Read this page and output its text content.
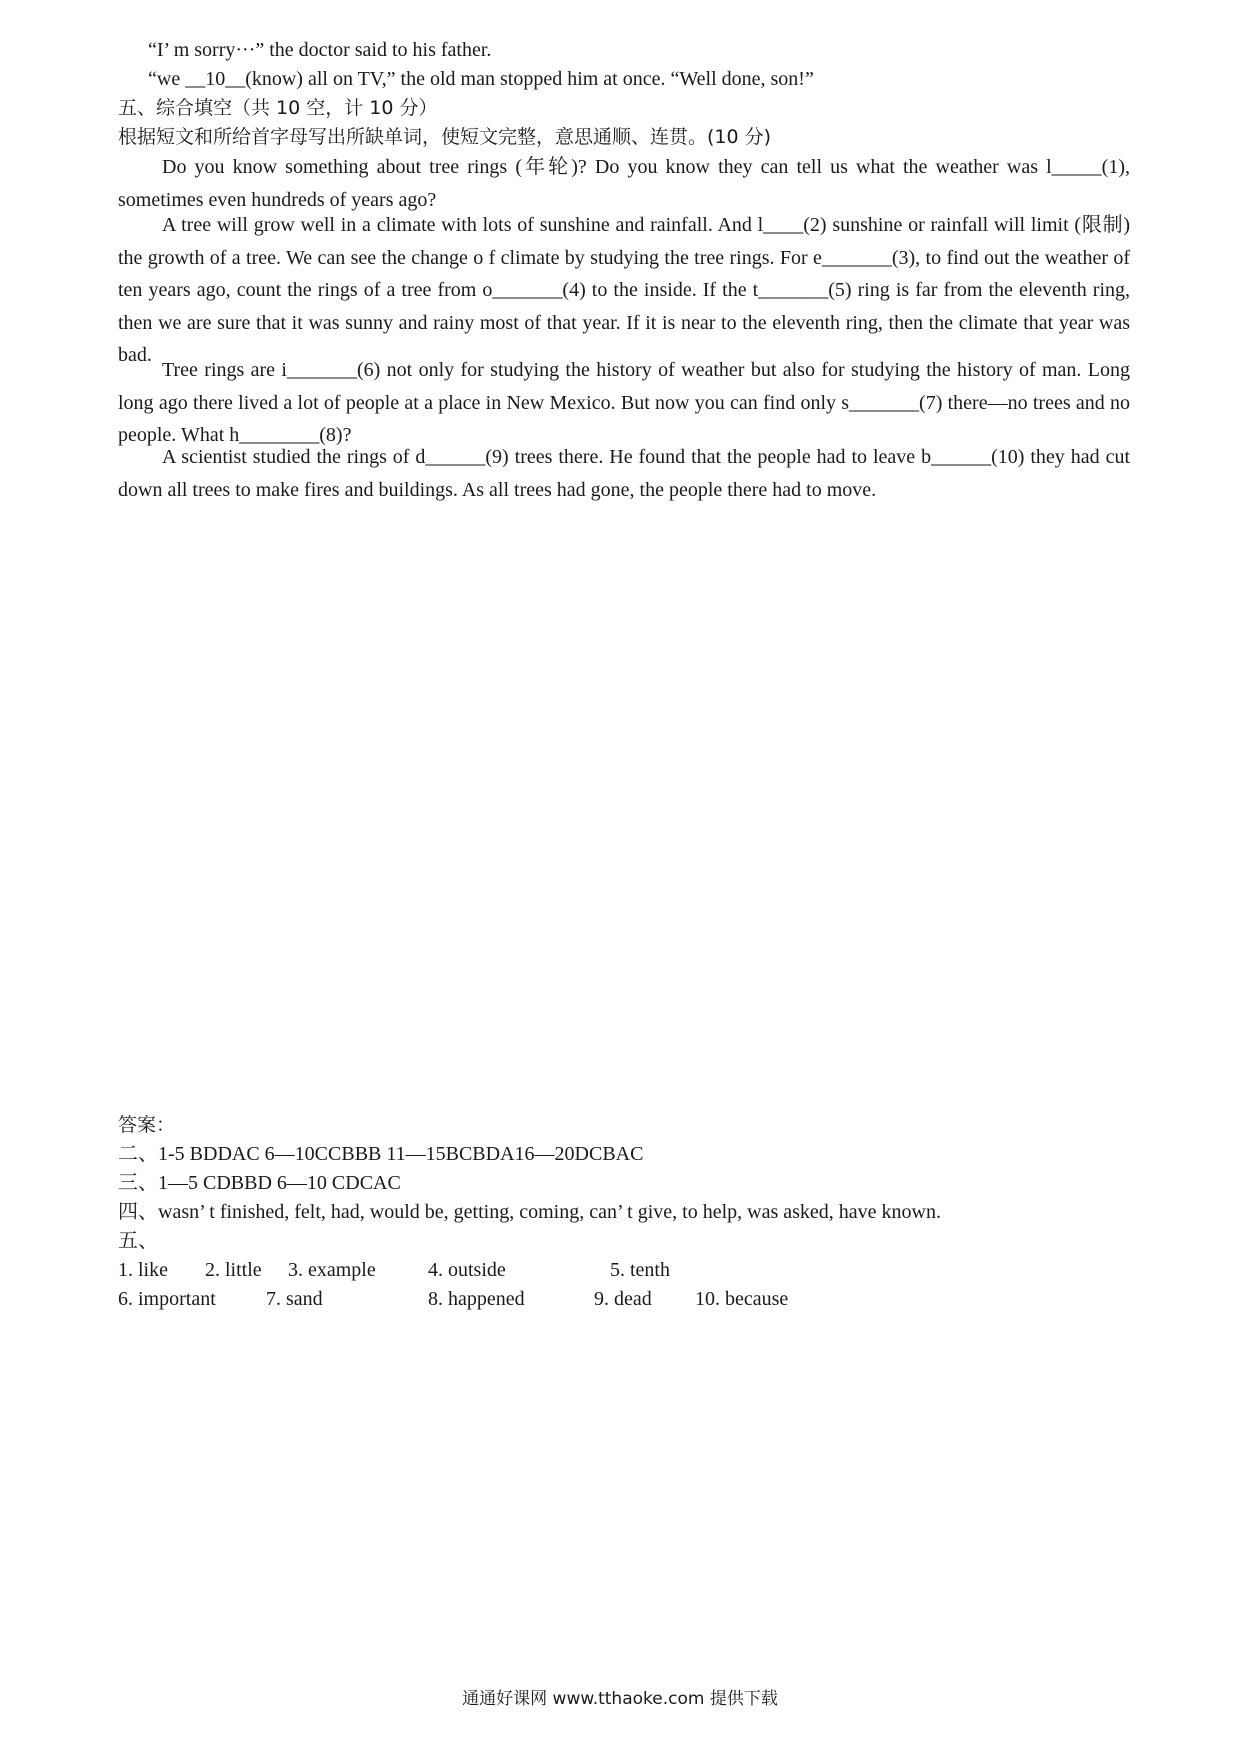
“I’ m sorry···” the doctor said to his father.
“we __10__(know) all on TV,” the old man stopped him at once. “Well done, son!”
五、综合填空（共 10 空，计 10 分）
根据短文和所给首字母写出所缺单词，使短文完整，意思通顺、连贯。(10 分)
Do you know something about tree rings (年轮)? Do you know they can tell us what the weather was l_____(1), sometimes even hundreds of years ago?
A tree will grow well in a climate with lots of sunshine and rainfall. And l____(2) sunshine or rainfall will limit (限制) the growth of a tree. We can see the change o f climate by studying the tree rings. For e_______(3), to find out the weather of ten years ago, count the rings of a tree from o_______(4) to the inside. If the t_______(5) ring is far from the eleventh ring, then we are sure that it was sunny and rainy most of that year. If it is near to the eleventh ring, then the climate that year was bad.
Tree rings are i_______(6) not only for studying the history of weather but also for studying the history of man. Long long ago there lived a lot of people at a place in New Mexico. But now you can find only s_______(7) there—no trees and no people. What h________(8)?
A scientist studied the rings of d______(9) trees there. He found that the people had to leave b______(10) they had cut down all trees to make fires and buildings. As all trees had gone, the people there had to move.
答案：
二、1-5 BDDAC 6—10CCBBB 11—15BCBDA16—20DCBAC
三、1—5 CDBBD 6—10 CDCAC
四、wasn’ t finished, felt, had, would be, getting, coming, can’ t give, to help, was asked, have known.
五、
1. like 2. little 3. example	4. outside	5. tenth
6. important	7. sand	8. happened	9. dead 10. because
通通好课网 www.tthaoke.com 提供下载
